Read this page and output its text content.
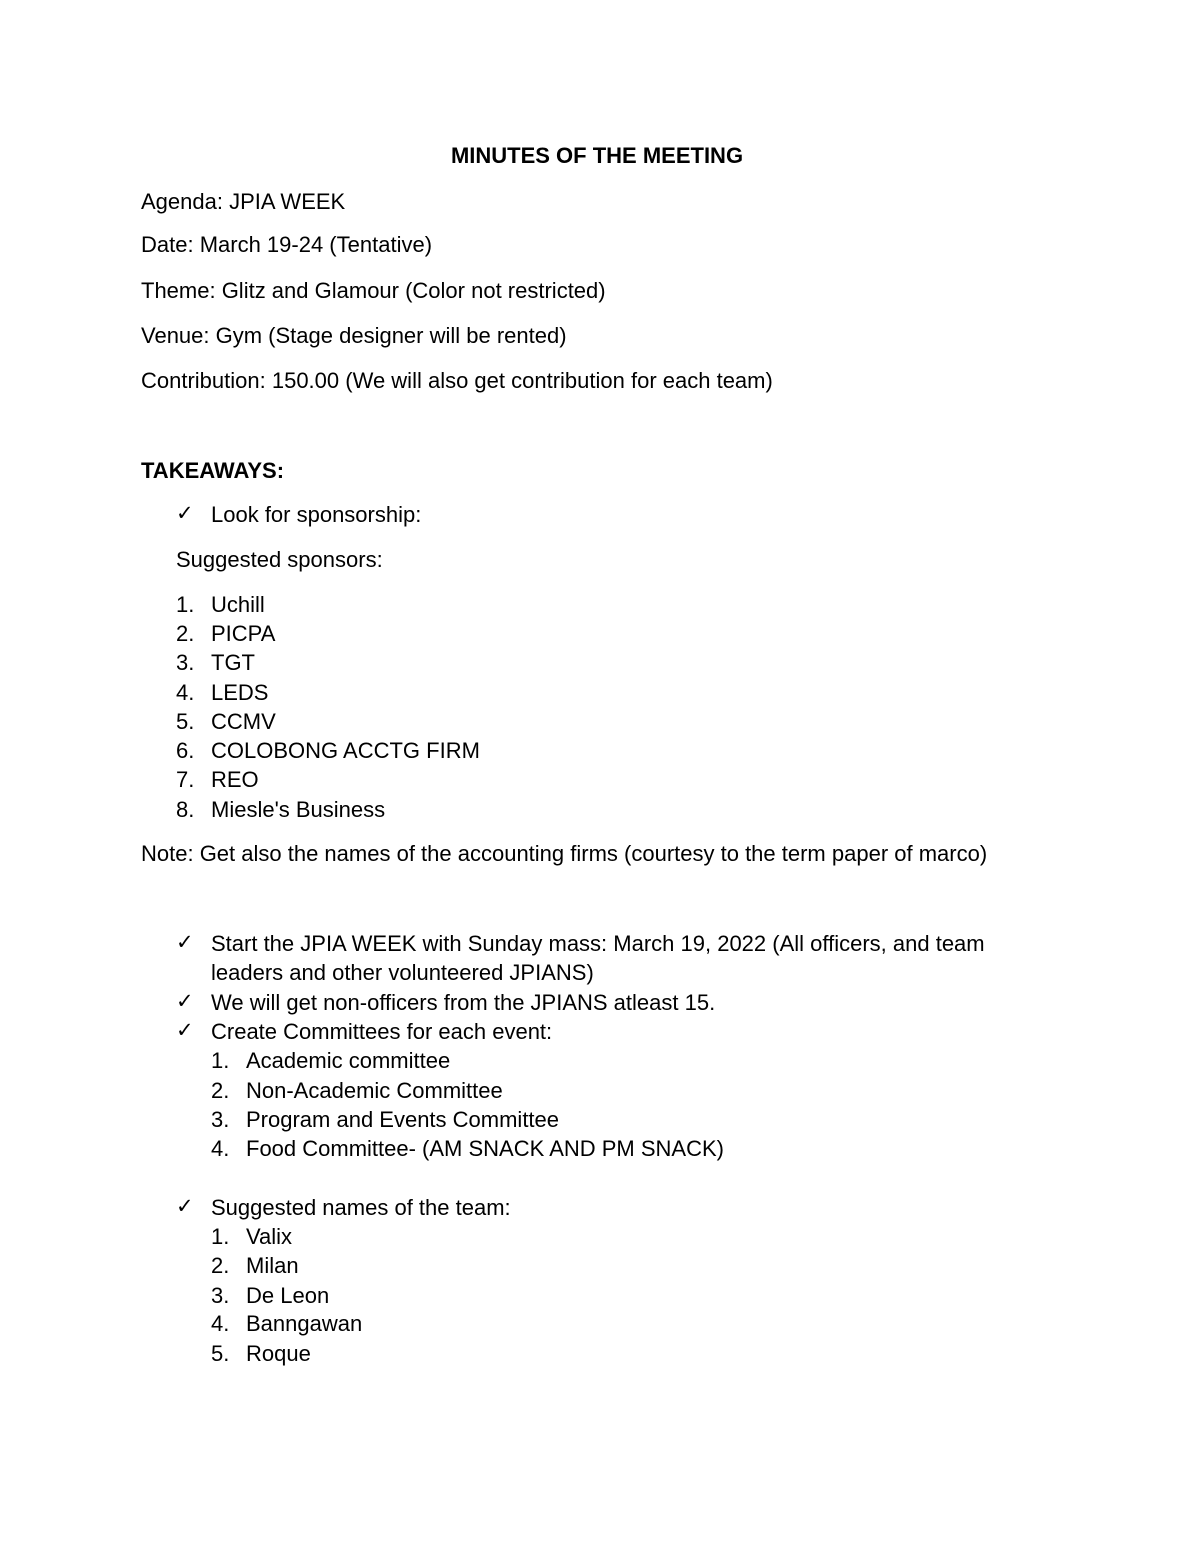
MINUTES OF THE MEETING
Agenda: JPIA WEEK
Date: March 19-24 (Tentative)
Theme: Glitz and Glamour (Color not restricted)
Venue: Gym (Stage designer will be rented)
Contribution: 150.00 (We will also get contribution for each team)
TAKEAWAYS:
✓ Look for sponsorship:
Suggested sponsors:
1. Uchill
2. PICPA
3. TGT
4. LEDS
5. CCMV
6. COLOBONG ACCTG FIRM
7. REO
8. Miesle's Business
Note: Get also the names of the accounting firms (courtesy to the term paper of marco)
✓ Start the JPIA WEEK with Sunday mass: March 19, 2022 (All officers, and team
leaders and other volunteered JPIANS)
✓ We will get non-officers from the JPIANS atleast 15.
✓ Create Committees for each event:
1. Academic committee
2. Non-Academic Committee
3. Program and Events Committee
4. Food Committee- (AM SNACK AND PM SNACK)
✓ Suggested names of the team:
1. Valix
2. Milan
3. De Leon
4. Banngawan
5. Roque
